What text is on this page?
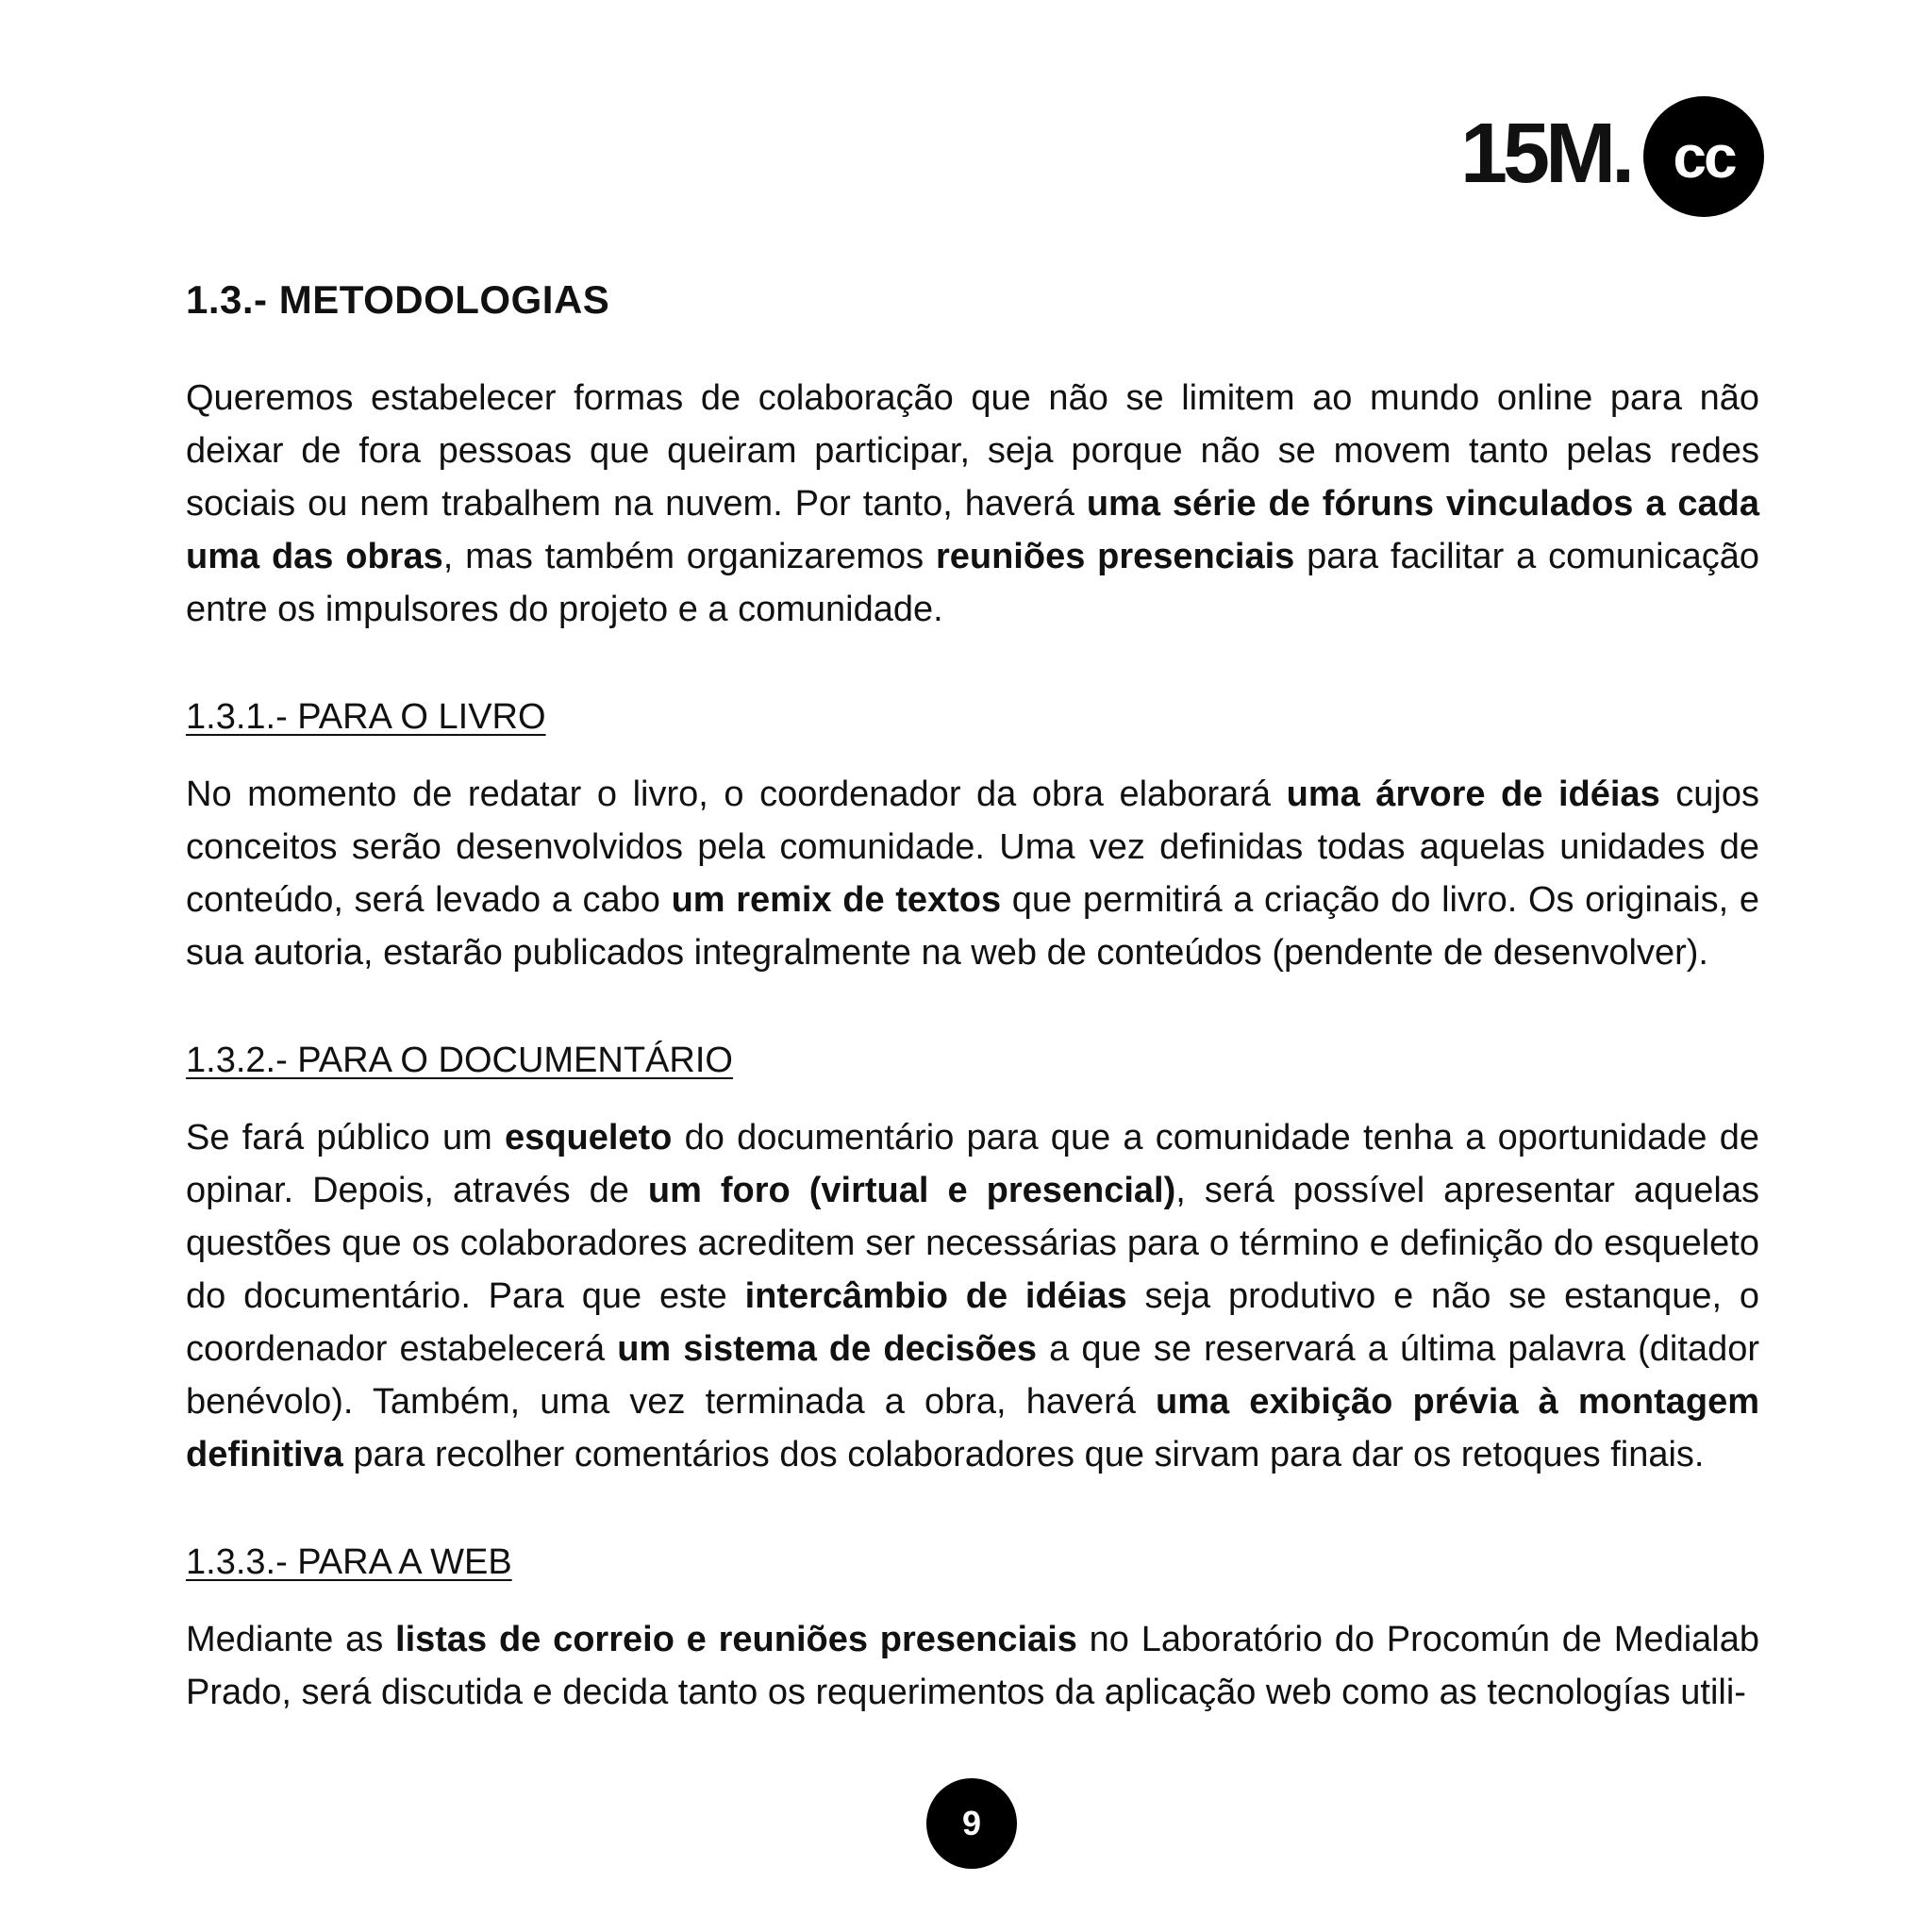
15M. cc
1.3.- METODOLOGIAS

Queremos estabelecer formas de colaboração que não se limitem ao mundo online para não deixar de fora pessoas que queiram participar, seja porque não se movem tanto pelas redes sociais ou nem trabalhem na nuvem. Por tanto, haverá uma série de fóruns vinculados a cada uma das obras, mas também organizaremos reuniões presenciais para facilitar a comunicação entre os impulsores do projeto e a comunidade.

1.3.1.- PARA O LIVRO

No momento de redatar o livro, o coordenador da obra elaborará uma árvore de idéias cujos conceitos serão desenvolvidos pela comunidade. Uma vez definidas todas aquelas unidades de conteúdo, será levado a cabo um remix de textos que permitirá a criação do livro. Os originais, e sua autoria, estarão publicados integralmente na web de conteúdos (pendente de desenvolver).

1.3.2.- PARA O DOCUMENTÁRIO

Se fará público um esqueleto do documentário para que a comunidade tenha a oportunidade de opinar. Depois, através de um foro (virtual e presencial), será possível apresentar aquelas questões que os colaboradores acreditem ser necessárias para o término e definição do esqueleto do documentário. Para que este intercâmbio de idéias seja produtivo e não se estanque, o coordenador estabelecerá um sistema de decisões a que se reservará a última palavra (ditador benévolo). Também, uma vez terminada a obra, haverá uma exibição prévia à montagem definitiva para recolher comentários dos colaboradores que sirvam para dar os retoques finais.

1.3.3.- PARA A WEB

Mediante as listas de correio e reuniões presenciais no Laboratório do Procomún de Medialab Prado, será discutida e decida tanto os requerimentos da aplicação web como as tecnologías utili-

9
